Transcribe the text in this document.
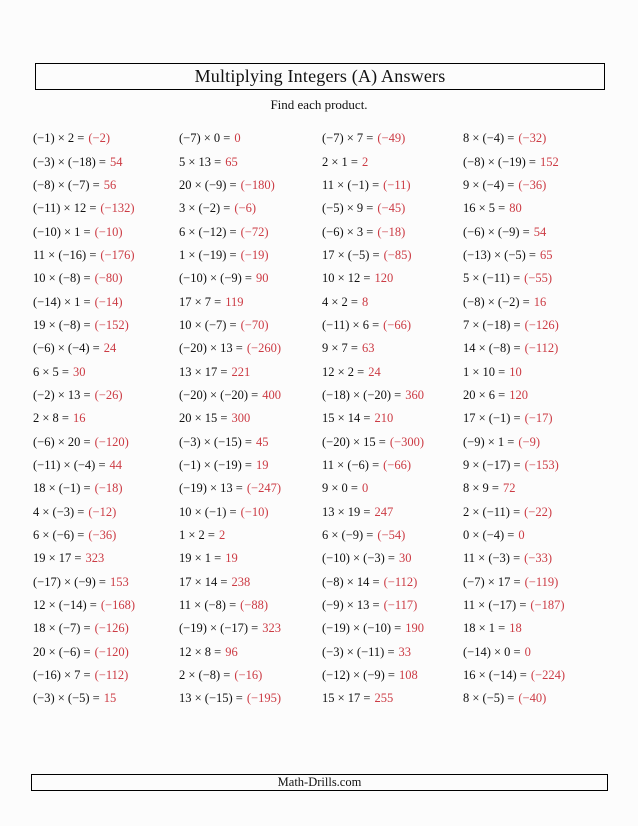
Multiplying Integers (A) Answers
Find each product.
(−1) × 2 = (−2)
(−3) × (−18) = 54
(−8) × (−7) = 56
(−11) × 12 = (−132)
(−10) × 1 = (−10)
11 × (−16) = (−176)
10 × (−8) = (−80)
(−14) × 1 = (−14)
19 × (−8) = (−152)
(−6) × (−4) = 24
6 × 5 = 30
(−2) × 13 = (−26)
2 × 8 = 16
(−6) × 20 = (−120)
(−11) × (−4) = 44
18 × (−1) = (−18)
4 × (−3) = (−12)
6 × (−6) = (−36)
19 × 17 = 323
(−17) × (−9) = 153
12 × (−14) = (−168)
18 × (−7) = (−126)
20 × (−6) = (−120)
(−16) × 7 = (−112)
(−3) × (−5) = 15
(−7) × 0 = 0
5 × 13 = 65
20 × (−9) = (−180)
3 × (−2) = (−6)
6 × (−12) = (−72)
1 × (−19) = (−19)
(−10) × (−9) = 90
17 × 7 = 119
10 × (−7) = (−70)
(−20) × 13 = (−260)
13 × 17 = 221
(−20) × (−20) = 400
20 × 15 = 300
(−3) × (−15) = 45
(−1) × (−19) = 19
(−19) × 13 = (−247)
10 × (−1) = (−10)
1 × 2 = 2
19 × 1 = 19
17 × 14 = 238
11 × (−8) = (−88)
(−19) × (−17) = 323
12 × 8 = 96
2 × (−8) = (−16)
13 × (−15) = (−195)
(−7) × 7 = (−49)
2 × 1 = 2
11 × (−1) = (−11)
(−5) × 9 = (−45)
(−6) × 3 = (−18)
17 × (−5) = (−85)
10 × 12 = 120
4 × 2 = 8
(−11) × 6 = (−66)
9 × 7 = 63
12 × 2 = 24
(−18) × (−20) = 360
15 × 14 = 210
(−20) × 15 = (−300)
11 × (−6) = (−66)
9 × 0 = 0
13 × 19 = 247
6 × (−9) = (−54)
(−10) × (−3) = 30
(−8) × 14 = (−112)
(−9) × 13 = (−117)
(−19) × (−10) = 190
(−3) × (−11) = 33
(−12) × (−9) = 108
15 × 17 = 255
8 × (−4) = (−32)
(−8) × (−19) = 152
9 × (−4) = (−36)
16 × 5 = 80
(−6) × (−9) = 54
(−13) × (−5) = 65
5 × (−11) = (−55)
(−8) × (−2) = 16
7 × (−18) = (−126)
14 × (−8) = (−112)
1 × 10 = 10
20 × 6 = 120
17 × (−1) = (−17)
(−9) × 1 = (−9)
9 × (−17) = (−153)
8 × 9 = 72
2 × (−11) = (−22)
0 × (−4) = 0
11 × (−3) = (−33)
(−7) × 17 = (−119)
11 × (−17) = (−187)
18 × 1 = 18
(−14) × 0 = 0
16 × (−14) = (−224)
8 × (−5) = (−40)
Math-Drills.com
